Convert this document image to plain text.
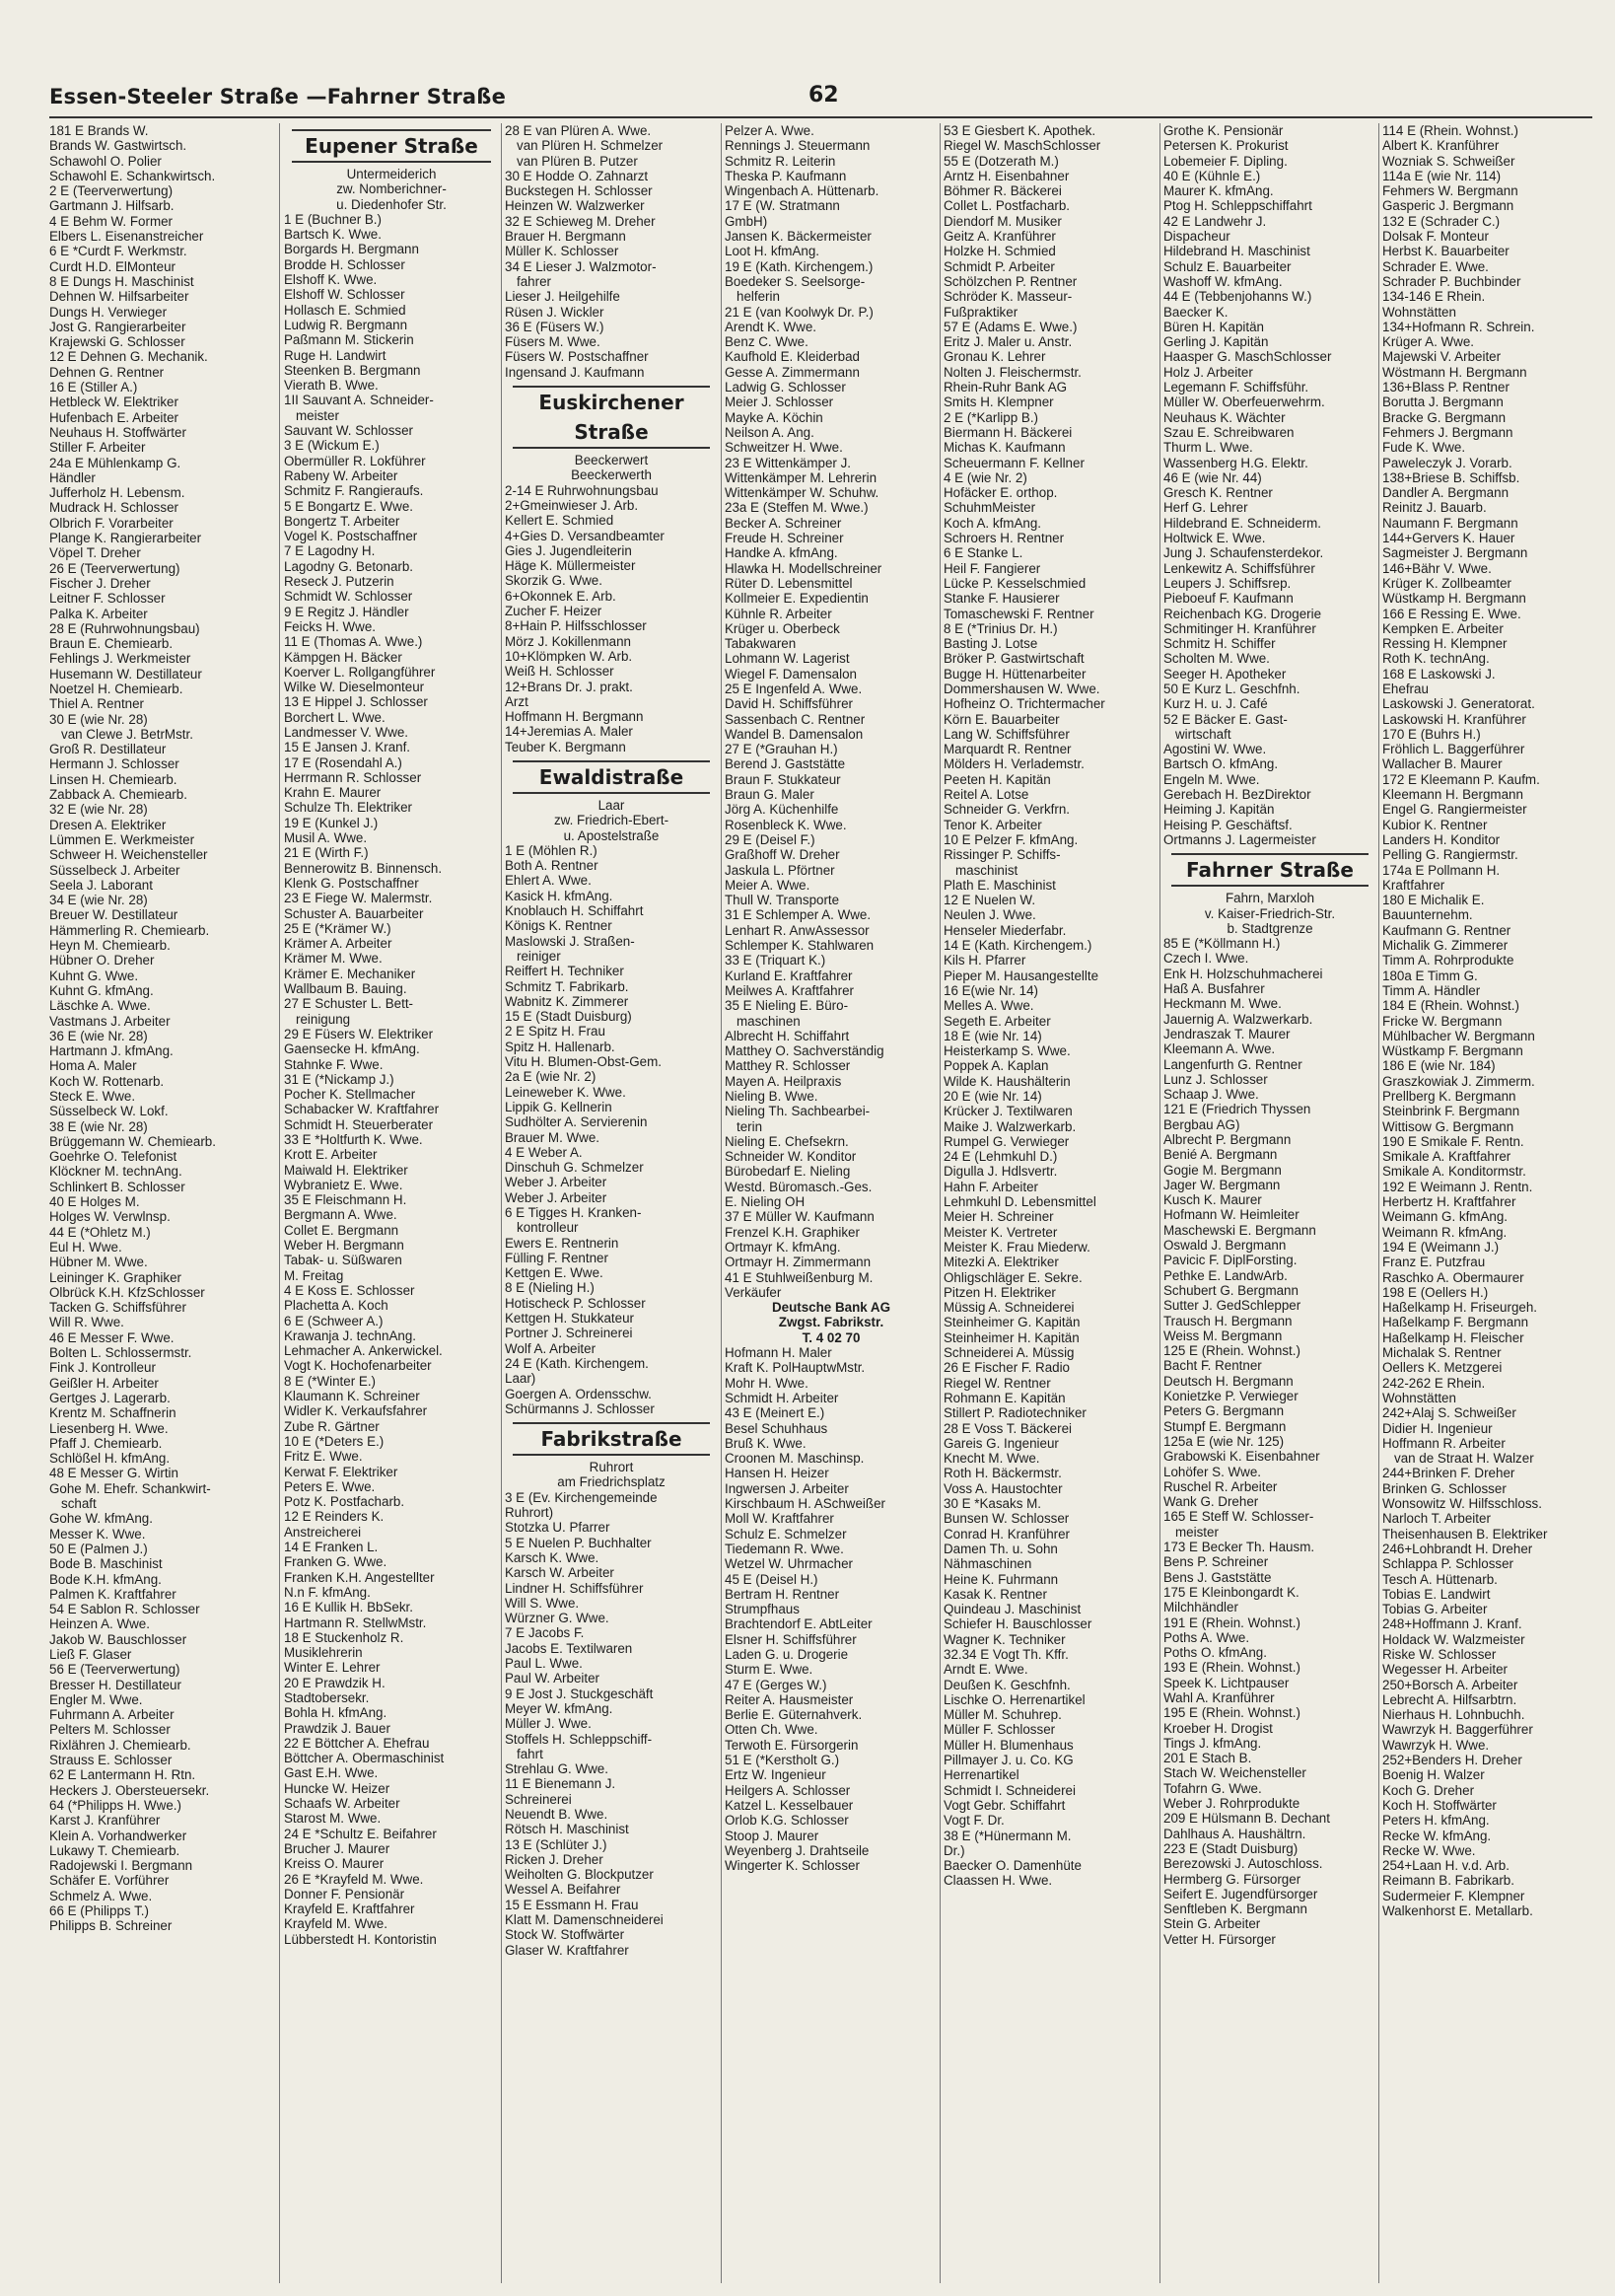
Essen-Steeler Straße —Fahrner Straße	62
181 E Brands W.
Brands W. Gastwirtsch.
Schawohl O. Polier
Schawohl E. Schankwirtsch.
2 E (Teerverwertung)
Gartmann J. Hilfsarb.
4 E Behm W. Former
Elbers L. Eisenanstreicher
6 E *Curdt F. Werkmstr.
Curdt H.D. ElMonteur
8 E Dungs H. Maschinist
Dehnen W. Hilfsarbeiter
Dungs H. Verwieger
Jost G. Rangierarbeiter
Krajewski G. Schlosser
12 E Dehnen G. Mechanik.
Dehnen G. Rentner
16 E (Stiller A.)
Hetbleck W. Elektriker
Hufenbach E. Arbeiter
Neuhaus H. Stoffwärter
Stiller F. Arbeiter
24a E Mühlenkamp G.
Händler
Jufferholz H. Lebensm.
Mudrack H. Schlosser
Olbrich F. Vorarbeiter
Plange K. Rangierarbeiter
Vöpel T. Dreher
26 E (Teerverwertung)
Fischer J. Dreher
Leitner F. Schlosser
Palka K. Arbeiter
28 E (Ruhrwohnungsbau)
Braun E. Chemiearb.
Fehlings J. Werkmeister
Husemann W. Destillateur
Noetzel H. Chemiearb.
Thiel A. Rentner
30 E (wie Nr. 28)
van Clewe J. BetrMstr.
Groß R. Destillateur
Hermann J. Schlosser
Linsen H. Chemiearb.
Zabback A. Chemiearb.
32 E (wie Nr. 28)
Dresen A. Elektriker
Lümmen E. Werkmeister
Schweer H. Weichensteller
Süsselbeck J. Arbeiter
Seela J. Laborant
34 E (wie Nr. 28)
Breuer W. Destillateur
Hämmerling R. Chemiearb.
Heyn M. Chemiearb.
Hübner O. Dreher
Kuhnt G. Wwe.
Kuhnt G. kfmAng.
Läschke A. Wwe.
Vastmans J. Arbeiter
36 E (wie Nr. 28)
Hartmann J. kfmAng.
Homa A. Maler
Koch W. Rottenarb.
Steck E. Wwe.
Süsselbeck W. Lokf.
38 E (wie Nr. 28)
Brüggemann W. Chemiearb.
Goehrke O. Telefonist
Klöckner M. technAng.
Schlinkert B. Schlosser
40 E Holges M.
Holges W. Verwlnsp.
44 E (*Ohletz M.)
Eul H. Wwe.
Hübner M. Wwe.
Leininger K. Graphiker
Olbrück K.H. KfzSchlosser
Tacken G. Schiffsführer
Will R. Wwe.
46 E Messer F. Wwe.
Bolten L. Schlossermstr.
Fink J. Kontrolleur
Geißler H. Arbeiter
Gertges J. Lagerarb.
Krentz M. Schaffnerin
Liesenberg H. Wwe.
Pfaff J. Chemiearb.
Schlößel H. kfmAng.
48 E Messer G. Wirtin
Gohe M. Ehefr. Schankwirt-
schaft
Gohe W. kfmAng.
Messer K. Wwe.
50 E (Palmen J.)
Bode B. Maschinist
Bode K.H. kfmAng.
Palmen K. Kraftfahrer
54 E Sablon R. Schlosser
Heinzen A. Wwe.
Jakob W. Bauschlosser
Ließ F. Glaser
56 E (Teerverwertung)
Bresser H. Destillateur
Engler M. Wwe.
Fuhrmann A. Arbeiter
Pelters M. Schlosser
Rixlähren J. Chemiearb.
Strauss E. Schlosser
62 E Lantermann H. Rtn.
Heckers J. Obersteuersekr.
64 (*Philipps H. Wwe.)
Karst J. Kranführer
Klein A. Vorhandwerker
Lukawy T. Chemiearb.
Radojewski I. Bergmann
Schäfer E. Vorführer
Schmelz A. Wwe.
66 E (Philipps T.)
Philipps B. Schreiner
Eupener Straße
Untermeiderich
zw. Nomberichner-
u. Diedenhofer Str.
1 E (Buchner B.)
Bartsch K. Wwe.
Borgards H. Bergmann
Brodde H. Schlosser
Elshoff K. Wwe.
Elshoff W. Schlosser
Hollasch E. Schmied
Ludwig R. Bergmann
Paßmann M. Stickerin
Ruge H. Landwirt
Steenken B. Bergmann
Vierath B. Wwe.
1II Sauvant A. Schneider-
meister
Sauvant W. Schlosser
3 E (Wickum E.)
Obermüller R. Lokführer
Rabeny W. Arbeiter
Schmitz F. Rangieraufs.
5 E Bongartz E. Wwe.
Bongertz T. Arbeiter
Vogel K. Postschaffner
7 E Lagodny H.
Lagodny G. Betonarb.
Reseck J. Putzerin
Schmidt W. Schlosser
9 E Regitz J. Händler
Feicks H. Wwe.
11 E (Thomas A. Wwe.)
Kämpgen H. Bäcker
Koerver L. Rollgangführer
Wilke W. Dieselmonteur
13 E Hippel J. Schlosser
Borchert L. Wwe.
Landmesser V. Wwe.
15 E Jansen J. Kranf.
17 E (Rosendahl A.)
Herrmann R. Schlosser
Krahn E. Maurer
Schulze Th. Elektriker
19 E (Kunkel J.)
Musil A. Wwe.
21 E (Wirth F.)
Bennerowitz B. Binnensch.
Klenk G. Postschaffner
23 E Fiege W. Malermstr.
Schuster A. Bauarbeiter
25 E (*Krämer W.)
Krämer A. Arbeiter
Krämer M. Wwe.
Krämer E. Mechaniker
Wallbaum B. Bauing.
27 E Schuster L. Bett-
reinigung
29 E Füsers W. Elektriker
Gaensecke H. kfmAng.
Stahnke F. Wwe.
31 E (*Nickamp J.)
Pocher K. Stellmacher
Schabacker W. Kraftfahrer
Schmidt H. Steuerberater
33 E *Holtfurth K. Wwe.
Krott E. Arbeiter
Maiwald H. Elektriker
Wybranietz E. Wwe.
35 E Fleischmann H.
Bergmann A. Wwe.
Collet E. Bergmann
Weber H. Bergmann
Tabak- u. Süßwaren
M. Freitag
4 E Koss E. Schlosser
Plachetta A. Koch
6 E (Schweer A.)
Krawanja J. technAng.
Lehmacher A. Ankerwickel.
Vogt K. Hochofenarbeiter
8 E (*Winter E.)
Klaumann K. Schreiner
Widler K. Verkaufsfahrer
Zube R. Gärtner
10 E (*Deters E.)
Fritz E. Wwe.
Kerwat F. Elektriker
Peters E. Wwe.
Potz K. Postfacharb.
12 E Reinders K.
Anstreicherei
14 E Franken L.
Franken G. Wwe.
Franken K.H. Angestellter
N.n F. kfmAng.
16 E Kullik H. BbSekr.
Hartmann R. StellwMstr.
18 E Stuckenholz R.
Musiklehrerin
Winter E. Lehrer
20 E Prawdzik H.
Stadtobersekr.
Bohla H. kfmAng.
Prawdzik J. Bauer
22 E Böttcher A. Ehefrau
Böttcher A. Obermaschinist
Gast E.H. Wwe.
Huncke W. Heizer
Schaafs W. Arbeiter
Starost M. Wwe.
24 E *Schultz E. Beifahrer
Brucher J. Maurer
Kreiss O. Maurer
26 E *Krayfeld M. Wwe.
Donner F. Pensionär
Krayfeld E. Kraftfahrer
Krayfeld M. Wwe.
Lübberstedt H. Kontoristin
28 E van Plüren A. Wwe.
van Plüren H. Schmelzer
van Plüren B. Putzer
30 E Hodde O. Zahnarzt
Buckstegen H. Schlosser
Heinzen W. Walzwerker
32 E Schieweg M. Dreher
Brauer H. Bergmann
Müller K. Schlosser
34 E Lieser J. Walzmotor-
fahrer
Lieser J. Heilgehilfe
Rüsen J. Wickler
36 E (Füsers W.)
Füsers M. Wwe.
Füsers W. Postschaffner
Ingensand J. Kaufmann
Euskirchener Straße
Beeckerwert
Beeckerwerth
2-14 E Ruhrwohnungsbau
2+Gmeinwieser J. Arb.
Kellert E. Schmied
4+Gies D. Versandbeamter
Gies J. Jugendleiterin
Häge K. Müllermeister
Skorzik G. Wwe.
6+Okonnek E. Arb.
Zucher F. Heizer
8+Hain P. Hilfsschlosser
Mörz J. Kokillenmann
10+Klömpken W. Arb.
Weiß H. Schlosser
12+Brans Dr. J. prakt.
Arzt
Hoffmann H. Bergmann
14+Jeremias A. Maler
Teuber K. Bergmann
Ewaldistraße
Laar
zw. Friedrich-Ebert-
u. Apostelstraße
1 E (Möhlen R.)
Both A. Rentner
Ehlert A. Wwe.
Kasick H. kfmAng.
Knoblauch H. Schiffahrt
Königs K. Rentner
Maslowski J. Straßen-
reiniger
Reiffert H. Techniker
Schmitz T. Fabrikarb.
Wabnitz K. Zimmerer
15 E (Stadt Duisburg)
2 E Spitz H. Frau
Spitz H. Hallenarb.
Vitu H. Blumen-Obst-Gem.
2a E (wie Nr. 2)
Leineweber K. Wwe.
Lippik G. Kellnerin
Sudhölter A. Servierenin
Brauer M. Wwe.
4 E Weber A.
Dinschuh G. Schmelzer
Weber J. Arbeiter
Weber J. Arbeiter
6 E Tigges H. Kranken-
kontrolleur
Ewers E. Rentnerin
Fülling F. Rentner
Kettgen E. Wwe.
8 E (Nieling H.)
Hotischeck P. Schlosser
Kettgen H. Stukkateur
Portner J. Schreinerei
Wolf A. Arbeiter
24 E (Kath. Kirchengem.
Laar)
Goergen A. Ordensschw.
Schürmanns J. Schlosser
Fabrikstraße
Ruhrort
am Friedrichsplatz
3 E (Ev. Kirchengemeinde
Ruhrort)
Stotzka U. Pfarrer
5 E Nuelen P. Buchhalter
Karsch K. Wwe.
Karsch W. Arbeiter
Lindner H. Schiffsführer
Will S. Wwe.
Würzner G. Wwe.
7 E Jacobs F.
Jacobs E. Textilwaren
Paul L. Wwe.
Paul W. Arbeiter
9 E Jost J. Stuckgeschäft
Meyer W. kfmAng.
Müller J. Wwe.
Stoffels H. Schleppschiff-
fahrt
Strehlau G. Wwe.
11 E Bienemann J.
Schreinerei
Neuendt B. Wwe.
Rötsch H. Maschinist
13 E (Schlüter J.)
Ricken J. Dreher
Weiholten G. Blockputzer
Wessel A. Beifahrer
15 E Essmann H. Frau
Klatt M. Damenschneiderei
Stock W. Stoffwärter
Glaser W. Kraftfahrer
Pelzer A. Wwe.
Rennings J. Steuermann
Schmitz R. Leiterin
Theska P. Kaufmann
Wingenbach A. Hüttenarb.
17 E (W. Stratmann
GmbH)
Jansen K. Bäckermeister
Loot H. kfmAng.
19 E (Kath. Kirchengem.)
Boedeker S. Seelsorge-
helferin
21 E (van Koolwyk Dr. P.)
Arendt K. Wwe.
Benz C. Wwe.
Kaufhold E. Kleiderbad
Gesse A. Zimmermann
Ladwig G. Schlosser
Meier J. Schlosser
Mayke A. Köchin
Neilson A. Ang.
Schweitzer H. Wwe.
23 E Wittenkämper J.
Wittenkämper M. Lehrerin
Wittenkämper W. Schuhw.
23a E (Steffen M. Wwe.)
Becker A. Schreiner
Freude H. Schreiner
Handke A. kfmAng.
Hlawka H. Modellschreiner
Rüter D. Lebensmittel
Kollmeier E. Expedientin
Kühnle R. Arbeiter
Krüger u. Oberbeck
Tabakwaren
Lohmann W. Lagerist
Wiegel F. Damensalon
25 E Ingenfeld A. Wwe.
David H. Schiffsführer
Sassenbach C. Rentner
Wandel B. Damensalon
27 E (*Grauhan H.)
Berend J. Gaststätte
Braun F. Stukkateur
Braun G. Maler
Jörg A. Küchenhilfe
Rosenbleck K. Wwe.
29 E (Deisel F.)
Graßhoff W. Dreher
Jaskula L. Pförtner
Meier A. Wwe.
Thull W. Transporte
31 E Schlemper A. Wwe.
Lenhart R. AnwAssessor
Schlemper K. Stahlwaren
33 E (Triquart K.)
Kurland E. Kraftfahrer
Meilwes A. Kraftfahrer
35 E Nieling E. Büro-
maschinen
Albrecht H. Schiffahrt
Matthey O. Sachverständig
Matthey R. Schlosser
Mayen A. Heilpraxis
Nieling B. Wwe.
Nieling Th. Sachbearbei-
terin
Nieling E. Chefsekrn.
Schneider W. Konditor
Bürobedarf E. Nieling
Westd. Büromasch.-Ges.
E. Nieling OH
37 E Müller W. Kaufmann
Frenzel K.H. Graphiker
Ortmayr K. kfmAng.
Ortmayr H. Zimmermann
41 E Stuhlweißenburg M.
Verkäufer
Deutsche Bank AG
Zwgst. Fabrikstr.
T. 4 02 70
Hofmann H. Maler
Kraft K. PolHauptwMstr.
Mohr H. Wwe.
Schmidt H. Arbeiter
43 E (Meinert E.)
Besel Schuhhaus
Bruß K. Wwe.
Croonen M. Maschinsp.
Hansen H. Heizer
Ingwersen J. Arbeiter
Kirschbaum H. ASchweißer
Moll W. Kraftfahrer
Schulz E. Schmelzer
Tiedemann R. Wwe.
Wetzel W. Uhrmacher
45 E (Deisel H.)
Bertram H. Rentner
Strumpfhaus
Brachtendorf E. AbtLeiter
Elsner H. Schiffsführer
Laden G. u. Drogerie
Sturm E. Wwe.
47 E (Gerges W.)
Reiter A. Hausmeister
Berlie E. Güternahverk.
Otten Ch. Wwe.
Terwoth E. Fürsorgerin
51 E (*Kerstholt G.)
Ertz W. Ingenieur
Heilgers A. Schlosser
Katzel L. Kesselbauer
Orlob K.G. Schlosser
Stoop J. Maurer
Weyenberg J. Drahtseile
Wingerter K. Schlosser
53 E Giesbert K. Apothek.
Riegel W. MaschSchlosser
55 E (Dotzerath M.)
Arntz H. Eisenbahner
Böhmer R. Bäckerei
Collet L. Postfacharb.
Diendorf M. Musiker
Geitz A. Kranführer
Holzke H. Schmied
Schmidt P. Arbeiter
Schölzchen P. Rentner
Schröder K. Masseur-
Fußpraktiker
57 E (Adams E. Wwe.)
Eritz J. Maler u. Anstr.
Gronau K. Lehrer
Nolten J. Fleischermstr.
Rhein-Ruhr Bank AG
Smits H. Klempner
2 E (*Karlipp B.)
Biermann H. Bäckerei
Michas K. Kaufmann
Scheuermann F. Kellner
4 E (wie Nr. 2)
Hofäcker E. orthop.
SchuhmMeister
Koch A. kfmAng.
Schroers H. Rentner
6 E Stanke L.
Heil F. Fangierer
Lücke P. Kesselschmied
Stanke F. Hausierer
Tomaschewski F. Rentner
8 E (*Trinius Dr. H.)
Basting J. Lotse
Bröker P. Gastwirtschaft
Bugge H. Hüttenarbeiter
Dommershausen W. Wwe.
Hofheinz O. Trichtermacher
Körn E. Bauarbeiter
Lang W. Schiffsführer
Marquardt R. Rentner
Mölders H. Verlademstr.
Peeten H. Kapitän
Reitel A. Lotse
Schneider G. Verkfrn.
Tenor K. Arbeiter
10 E Pelzer F. kfmAng.
Rissinger P. Schiffs-
maschinist
Plath E. Maschinist
12 E Nuelen W.
Neulen J. Wwe.
Henseler Miederfabr.
14 E (Kath. Kirchengem.)
Kils H. Pfarrer
Pieper M. Hausangestellte
16 E(wie Nr. 14)
Melles A. Wwe.
Segeth E. Arbeiter
18 E (wie Nr. 14)
Heisterkamp S. Wwe.
Poppek A. Kaplan
Wilde K. Haushälterin
20 E (wie Nr. 14)
Krücker J. Textilwaren
Maike J. Walzwerkarb.
Rumpel G. Verwieger
24 E (Lehmkuhl D.)
Digulla J. Hdlsvertr.
Hahn F. Arbeiter
Lehmkuhl D. Lebensmittel
Meier H. Schreiner
Meister K. Vertreter
Meister K. Frau Miederw.
Mitezki A. Elektriker
Ohligschläger E. Sekre.
Pitzen H. Elektriker
Müssig A. Schneiderei
Steinheimer G. Kapitän
Steinheimer H. Kapitän
Schneiderei A. Müssig
26 E Fischer F. Radio
Riegel W. Rentner
Rohmann E. Kapitän
Stillert P. Radiotechniker
28 E Voss T. Bäckerei
Gareis G. Ingenieur
Knecht M. Wwe.
Roth H. Bäckermstr.
Voss A. Haustochter
30 E *Kasaks M.
Bunsen W. Schlosser
Conrad H. Kranführer
Damen Th. u. Sohn
Nähmaschinen
Heine K. Fuhrmann
Kasak K. Rentner
Quindeau J. Maschinist
Schiefer H. Bauschlosser
Wagner K. Techniker
32.34 E Vogt Th. Kffr.
Arndt E. Wwe.
Deußen K. Geschfnh.
Lischke O. Herrenartikel
Müller M. Schuhrep.
Müller F. Schlosser
Müller H. Blumenhaus
Pillmayer J. u. Co. KG
Herrenartikel
Schmidt I. Schneiderei
Vogt Gebr. Schiffahrt
Vogt F. Dr.
38 E (*Hünermann M.
Dr.)
Baecker O. Damenhüte
Claassen H. Wwe.
Grothe K. Pensionär
Petersen K. Prokurist
Lobemeier F. Dipling.
40 E (Kühnle E.)
Maurer K. kfmAng.
Ptog H. Schleppschiffahrt
42 E Landwehr J.
Dispacheur
Hildebrand H. Maschinist
Schulz E. Bauarbeiter
Washoff W. kfmAng.
44 E (Tebbenjohanns W.)
Baecker K.
Büren H. Kapitän
Gerling J. Kapitän
Haasper G. MaschSchlosser
Holz J. Arbeiter
Legemann F. Schiffsführ.
Müller W. Oberfeuerwehrm.
Neuhaus K. Wächter
Szau E. Schreibwaren
Thurm L. Wwe.
Wassenberg H.G. Elektr.
46 E (wie Nr. 44)
Gresch K. Rentner
Herf G. Lehrer
Hildebrand E. Schneiderm.
Holtwick E. Wwe.
Jung J. Schaufensterdekor.
Lenkewitz A. Schiffsführer
Leupers J. Schiffsrep.
Pieboeuf F. Kaufmann
Reichenbach KG. Drogerie
Schmitinger H. Kranführer
Schmitz H. Schiffer
Scholten M. Wwe.
Seeger H. Apotheker
50 E Kurz L. Geschfnh.
Kurz H. u. J. Café
52 E Bäcker E. Gast-
wirtschaft
Agostini W. Wwe.
Bartsch O. kfmAng.
Engeln M. Wwe.
Gerebach H. BezDirektor
Heiming J. Kapitän
Heising P. Geschäftsf.
Ortmanns J. Lagermeister
Fahrner Straße
Fahrn, Marxloh
v. Kaiser-Friedrich-Str.
b. Stadtgrenze
85 E (*Köllmann H.)
Czech I. Wwe.
Enk H. Holzschuhmacherei
Haß A. Busfahrer
Heckmann M. Wwe.
Jauernig A. Walzwerkarb.
Jendraszak T. Maurer
Kleemann A. Wwe.
Langenfurth G. Rentner
Lunz J. Schlosser
Schaap J. Wwe.
121 E (Friedrich Thyssen
Bergbau AG)
Albrecht P. Bergmann
Benié A. Bergmann
Gogie M. Bergmann
Jager W. Bergmann
Kusch K. Maurer
Hofmann W. Heimleiter
Maschewski E. Bergmann
Oswald J. Bergmann
Pavicic F. DiplForsting.
Pethke E. LandwArb.
Schubert G. Bergmann
Sutter J. GedSchlepper
Trausch H. Bergmann
Weiss M. Bergmann
125 E (Rhein. Wohnst.)
Bacht F. Rentner
Deutsch H. Bergmann
Konietzke P. Verwieger
Peters G. Bergmann
Stumpf E. Bergmann
125a E (wie Nr. 125)
Grabowski K. Eisenbahner
Lohöfer S. Wwe.
Ruschel R. Arbeiter
Wank G. Dreher
165 E Steff W. Schlosser-
meister
173 E Becker Th. Hausm.
Bens P. Schreiner
Bens J. Gaststätte
175 E Kleinbongardt K.
Milchhändler
191 E (Rhein. Wohnst.)
Poths A. Wwe.
Poths O. kfmAng.
193 E (Rhein. Wohnst.)
Speek K. Lichtpauser
Wahl A. Kranführer
195 E (Rhein. Wohnst.)
Kroeber H. Drogist
Tings J. kfmAng.
201 E Stach B.
Stach W. Weichensteller
Tofahrn G. Wwe.
Weber J. Rohrprodukte
209 E Hülsmann B. Dechant
Dahlhaus A. Haushältrn.
223 E (Stadt Duisburg)
Berezowski J. Autoschloss.
Hermberg G. Fürsorger
Seifert E. Jugendfürsorger
Senftleben K. Bergmann
Stein G. Arbeiter
Vetter H. Fürsorger
114 E (Rhein. Wohnst.)
Albert K. Kranführer
Wozniak S. Schweißer
114a E (wie Nr. 114)
Fehmers W. Bergmann
Gasperic J. Bergmann
132 E (Schrader C.)
Dolsak F. Monteur
Herbst K. Bauarbeiter
Schrader E. Wwe.
Schrader P. Buchbinder
134-146 E Rhein.
Wohnstätten
134+Hofmann R. Schrein.
Krüger A. Wwe.
Majewski V. Arbeiter
Wöstmann H. Bergmann
136+Blass P. Rentner
Borutta J. Bergmann
Bracke G. Bergmann
Fehmers J. Bergmann
Fude K. Wwe.
Paweleczyk J. Vorarb.
138+Briese B. Schiffsb.
Dandler A. Bergmann
Reinitz J. Bauarb.
Naumann F. Bergmann
144+Gervers K. Hauer
Sagmeister J. Bergmann
146+Bähr V. Wwe.
Krüger K. Zollbeamter
Wüstkamp H. Bergmann
166 E Ressing E. Wwe.
Kempken E. Arbeiter
Ressing H. Klempner
Roth K. technAng.
168 E Laskowski J.
Ehefrau
Laskowski J. Generatorat.
Laskowski H. Kranführer
170 E (Buhrs H.)
Fröhlich L. Baggerführer
Wallacher B. Maurer
172 E Kleemann P. Kaufm.
Kleemann H. Bergmann
Engel G. Rangiermeister
Kubior K. Rentner
Landers H. Konditor
Pelling G. Rangiermstr.
174a E Pollmann H.
Kraftfahrer
180 E Michalik E.
Bauunternehm.
Kaufmann G. Rentner
Michalik G. Zimmerer
Timm A. Rohrprodukte
180a E Timm G.
Timm A. Händler
184 E (Rhein. Wohnst.)
Fricke W. Bergmann
Mühlbacher W. Bergmann
Wüstkamp F. Bergmann
186 E (wie Nr. 184)
Graszkowiak J. Zimmerm.
Prellberg K. Bergmann
Steinbrink F. Bergmann
Wittisow G. Bergmann
190 E Smikale F. Rentn.
Smikale A. Kraftfahrer
Smikale A. Konditormstr.
192 E Weimann J. Rentn.
Herbertz H. Kraftfahrer
Weimann G. kfmAng.
Weimann R. kfmAng.
194 E (Weimann J.)
Franz E. Putzfrau
Raschko A. Obermaurer
198 E (Oellers H.)
Haßelkamp H. Friseurgeh.
Haßelkamp F. Bergmann
Haßelkamp H. Fleischer
Michalak S. Rentner
Oellers K. Metzgerei
242-262 E Rhein.
Wohnstätten
242+Alaj S. Schweißer
Didier H. Ingenieur
Hoffmann R. Arbeiter
van de Straat H. Walzer
244+Brinken F. Dreher
Brinken G. Schlosser
Wonsowitz W. Hilfsschloss.
Narloch T. Arbeiter
Theisenhausen B. Elektriker
246+Lohbrandt H. Dreher
Schlappa P. Schlosser
Tesch A. Hüttenarb.
Tobias E. Landwirt
Tobias G. Arbeiter
248+Hoffmann J. Kranf.
Holdack W. Walzmeister
Riske W. Schlosser
Wegesser H. Arbeiter
250+Borsch A. Arbeiter
Lebrecht A. Hilfsarbtrn.
Nierhaus H. Lohnbuchh.
Wawrzyk H. Baggerführer
Wawrzyk H. Wwe.
252+Benders H. Dreher
Boenig H. Walzer
Koch G. Dreher
Koch H. Stoffwärter
Peters H. kfmAng.
Recke W. kfmAng.
Recke W. Wwe.
254+Laan H. v.d. Arb.
Reimann B. Fabrikarb.
Sudermeier F. Klempner
Walkenhorst E. Metallarb.
